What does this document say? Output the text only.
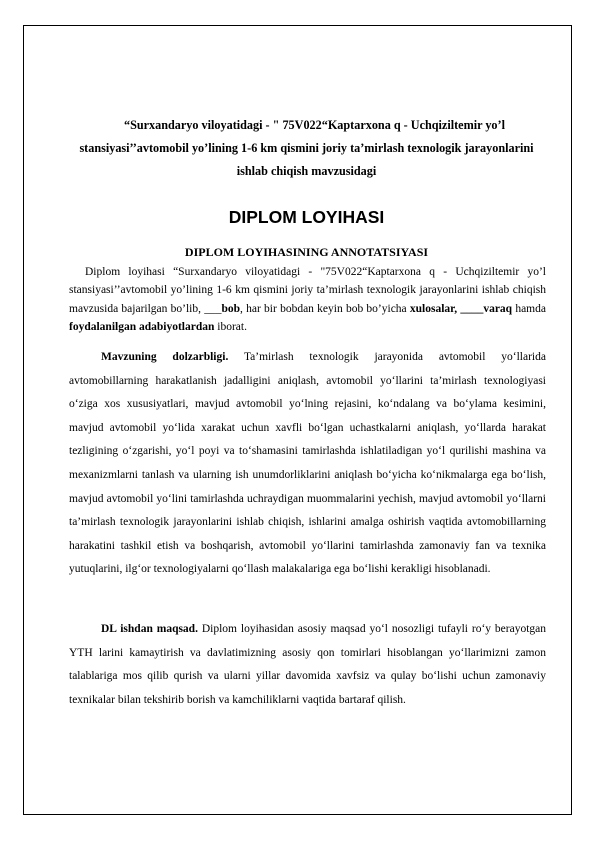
“Surxandaryo viloyatidagi - " 75V022“Kaptarxona q - Uchqiziltemir yo’l stansiyasi’’avtomobil yo’lining 1-6 km qismini joriy ta’mirlash texnologik jarayonlarini ishlab chiqish mavzusidagi
DIPLOM LOYIHASI
DIPLOM LOYIHASINING ANNOTATSIYASI
Diplom loyihasi “Surxandaryo viloyatidagi - "75V022“Kaptarxona q - Uchqiziltemir yo’l stansiyasi’’avtomobil yo’lining 1-6 km qismini joriy ta’mirlash texnologik jarayonlarini ishlab chiqish mavzusida bajarilgan bo’lib, ___bob, har bir bobdan keyin bob bo’yicha xulosalar, ____varaq hamda foydalanilgan adabiyotlardan iborat.
Mavzuning dolzarbligi. Ta’mirlash texnologik jarayonida avtomobil yo‘llarida avtomobillarning harakatlanish jadalligini aniqlash, avtomobil yo‘llarini ta’mirlash texnologiyasi o‘ziga xos xususiyatlari, mavjud avtomobil yo‘lning rejasini, ko‘ndalang va bo‘ylama kesimini, mavjud avtomobil yo‘lida xarakat uchun xavfli bo‘lgan uchastkalarni aniqlash, yo‘llarda harakat tezligining o‘zgarishi, yo‘l poyi va to‘shamasini tamirlashda ishlatiladigan yo‘l qurilishi mashina va mexanizmlarni tanlash va ularning ish unumdorliklarini aniqlash bo‘yicha ko‘nikmalarga ega bo‘lish, mavjud avtomobil yo‘lini tamirlashda uchraydigan muommalarini yechish, mavjud avtomobil yo‘llarni ta’mirlash texnologik jarayonlarini ishlab chiqish, ishlarini amalga oshirish vaqtida avtomobillarning harakatini tashkil etish va boshqarish, avtomobil yo‘llarini tamirlashda zamonaviy fan va texnika yutuqlarini, ilg‘or texnologiyalarni qo‘llash malakalariga ega bo‘lishi kerakligi hisoblanadi.
DL ishdan maqsad. Diplom loyihasidan asosiy maqsad yo‘l nosozligi tufayli ro‘y berayotgan YTH larini kamaytirish va davlatimizning asosiy qon tomirlari hisoblangan yo‘llarimizni zamon talablariga mos qilib qurish va ularni yillar davomida xavfsiz va qulay bo‘lishi uchun zamonaviy texnikalar bilan tekshirib borish va kamchiliklarni vaqtida bartaraf qilish.
